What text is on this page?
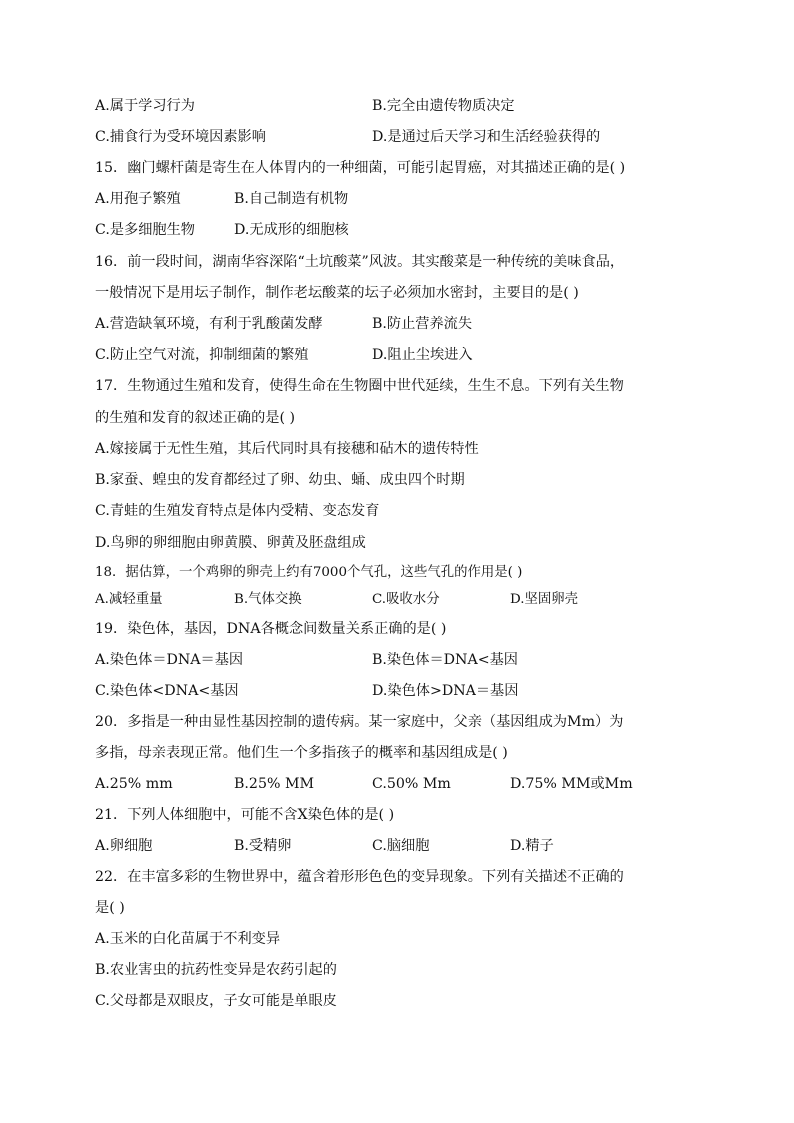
A.属于学习行为	B.完全由遗传物质决定
C.捕食行为受环境因素影响	D.是通过后天学习和生活经验获得的
15．幽门螺杆菌是寄生在人体胃内的一种细菌，可能引起胃癌，对其描述正确的是( )
A.用孢子繁殖	B.自己制造有机物
C.是多细胞生物	D.无成形的细胞核
16．前一段时间，湖南华容深陷“土坑酸菜”风波。其实酸菜是一种传统的美味食品，
一般情况下是用坛子制作，制作老坛酸菜的坛子必须加水密封，主要目的是( )
A.营造缺氧环境，有利于乳酸菌发酵	B.防止营养流失
C.防止空气对流，抑制细菌的繁殖	D.阻止尘埃进入
17．生物通过生殖和发育，使得生命在生物圈中世代延续，生生不息。下列有关生物
的生殖和发育的叙述正确的是( )
A.嫁接属于无性生殖，其后代同时具有接穗和砧木的遗传特性
B.家蚕、蝗虫的发育都经过了卵、幼虫、蛹、成虫四个时期
C.青蛙的生殖发育特点是体内受精、变态发育
D.鸟卵的卵细胞由卵黄膜、卵黄及胚盘组成
18．据估算，一个鸡卵的卵壳上约有7000个气孔，这些气孔的作用是( )
A.减轻重量	B.气体交换	C.吸收水分	D.坚固卵壳
19．染色体，基因，DNA各概念间数量关系正确的是( )
A.染色体＝DNA＝基因	B.染色体＝DNA<基因
C.染色体<DNA<基因	D.染色体>DNA＝基因
20．多指是一种由显性基因控制的遗传病。某一家庭中，父亲（基因组成为Mm）为
多指，母亲表现正常。他们生一个多指孩子的概率和基因组成是( )
A.25% mm	B.25% MM	C.50% Mm	D.75% MM或Mm
21．下列人体细胞中，可能不含X染色体的是( )
A.卵细胞	B.受精卵	C.脑细胞	D.精子
22．在丰富多彩的生物世界中，蕴含着形形色色的变异现象。下列有关描述不正确的
是( )
A.玉米的白化苗属于不利变异
B.农业害虫的抗药性变异是农药引起的
C.父母都是双眼皮，子女可能是单眼皮
